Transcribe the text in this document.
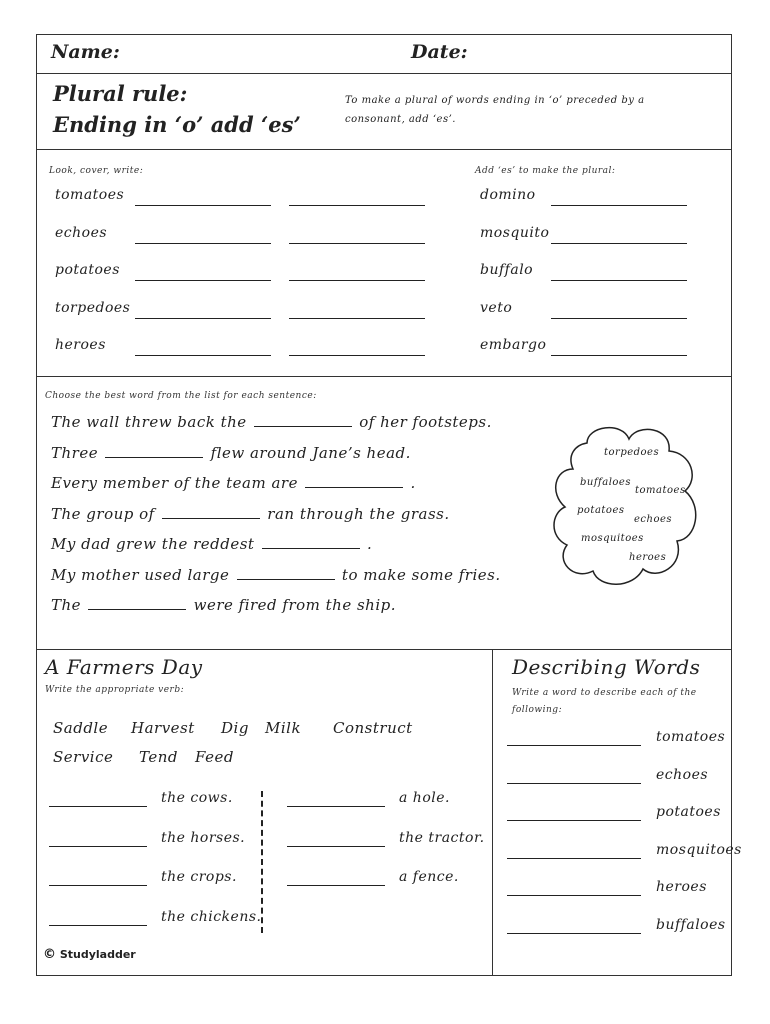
Name:	Date:
Plural rule:
Ending in ‘o’ add ‘es’
To make a plural of words ending in ‘o’ preceded by a consonant, add ‘es’.
Look, cover, write:
tomatoes
echoes
potatoes
torpedoes
heroes
Add ‘es’ to make the plural:
domino
mosquito
buffalo
veto
embargo
Choose the best word from the list for each sentence:
The wall threw back the	of her footsteps.
Three	flew around Jane’s head.
Every member of the team are	.
The group of	ran through the grass.
My dad grew the reddest	.
My mother used large	to make some fries.
The	were fired from the ship.
torpedoes
buffaloes
tomatoes
potatoes
echoes
mosquitoes
heroes
A Farmers Day
Write the appropriate verb:
Saddle Harvest Dig Milk Construct
Service Tend Feed
the cows.
the horses.
the crops.
the chickens.
a hole.
the tractor.
a fence.
Describing Words
Write a word to describe each of the following:
tomatoes
echoes
potatoes
mosquitoes
heroes
buffaloes
© Studyladder
